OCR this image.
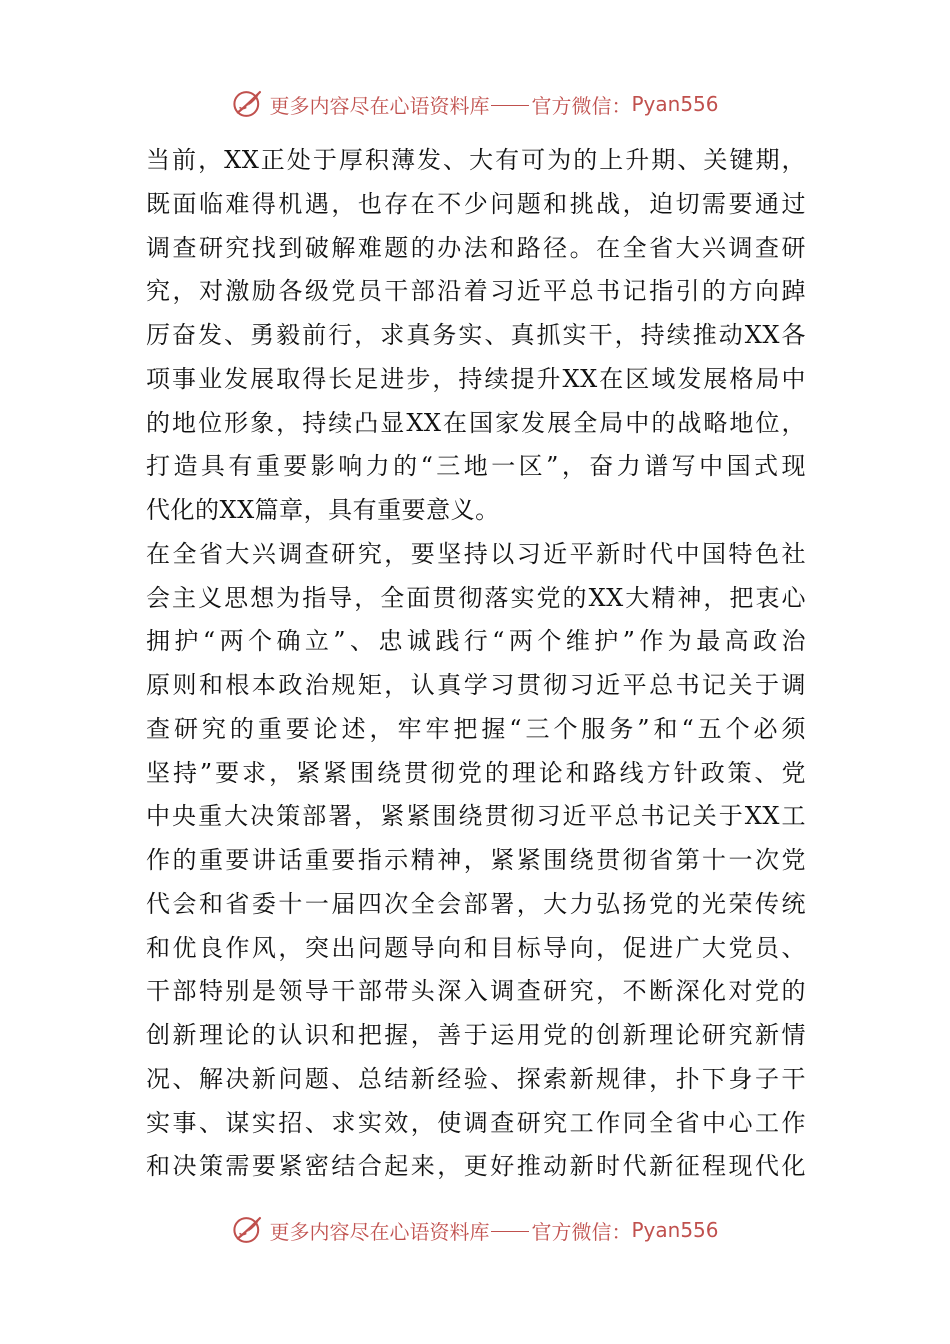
更多内容尽在心语资料库 官方微信： Pyan556
当前，XX正处于厚积薄发、大有可为的上升期、关键期，
既面临难得机遇，也存在不少问题和挑战，迫切需要通过
调查研究找到破解难题的办法和路径。在全省大兴调查研
究，对激励各级党员干部沿着习近平总书记指引的方向踔
厉奋发、勇毅前行，求真务实、真抓实干，持续推动XX各
项事业发展取得长足进步，持续提升XX在区域发展格局中
的地位形象，持续凸显XX在国家发展全局中的战略地位，
打造具有重要影响力的“三地一区”，奋力谱写中国式现
代化的XX篇章，具有重要意义。
在全省大兴调查研究，要坚持以习近平新时代中国特色社
会主义思想为指导，全面贯彻落实党的XX大精神，把衷心
拥护“两个确立”、忠诚践行“两个维护”作为最高政治
原则和根本政治规矩，认真学习贯彻习近平总书记关于调
查研究的重要论述，牢牢把握“三个服务”和“五个必须
坚持”要求，紧紧围绕贯彻党的理论和路线方针政策、党
中央重大决策部署，紧紧围绕贯彻习近平总书记关于XX工
作的重要讲话重要指示精神，紧紧围绕贯彻省第十一次党
代会和省委十一届四次全会部署，大力弘扬党的光荣传统
和优良作风，突出问题导向和目标导向，促进广大党员、
干部特别是领导干部带头深入调查研究，不断深化对党的
创新理论的认识和把握，善于运用党的创新理论研究新情
况、解决新问题、总结新经验、探索新规律，扑下身子干
实事、谋实招、求实效，使调查研究工作同全省中心工作
和决策需要紧密结合起来，更好推动新时代新征程现代化
更多内容尽在心语资料库 官方微信： Pyan556
